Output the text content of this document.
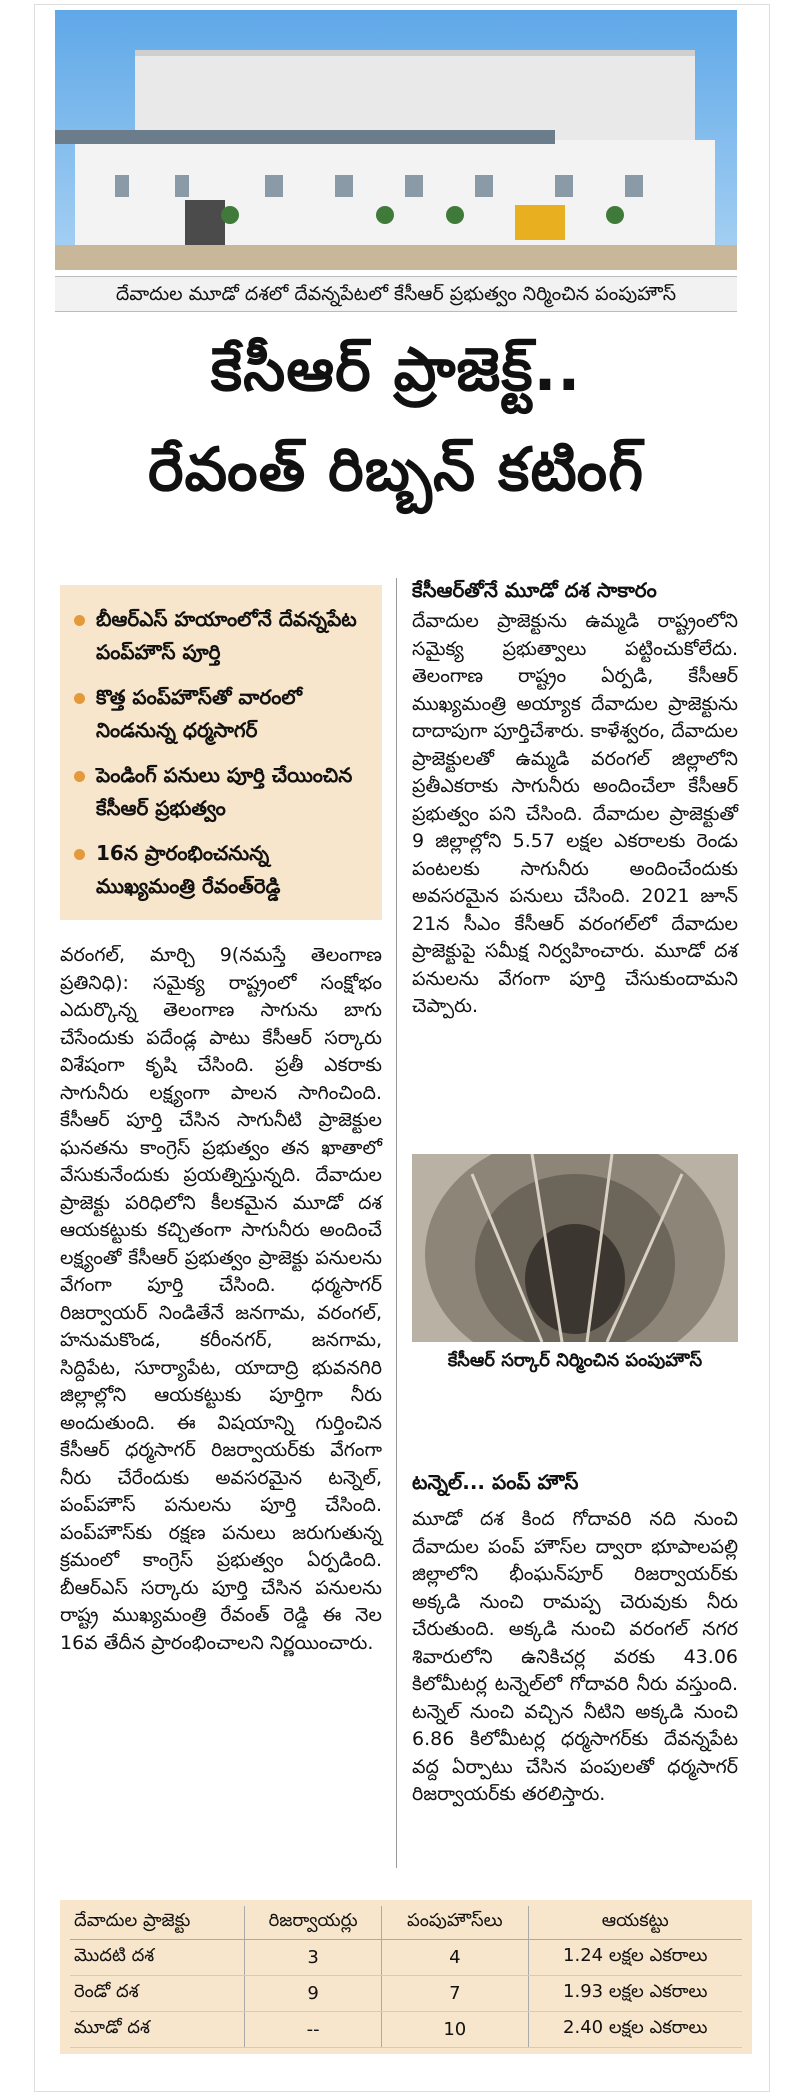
దేవాదుల మూడో దశలో దేవన్నపేటలో కేసీఆర్ ప్రభుత్వం నిర్మించిన పంపుహౌస్
కేసీఆర్ ప్రాజెక్ట్..
రేవంత్ రిబ్బన్ కటింగ్
బీఆర్‌ఎస్ హయాంలోనే దేవన్నపేట పంప్‌హౌస్ పూర్తి
కొత్త పంప్‌హౌస్‌తో వారంలో నిండనున్న ధర్మసాగర్
పెండింగ్ పనులు పూర్తి చేయించిన కేసీఆర్ ప్రభుత్వం
16న ప్రారంభించనున్న ముఖ్యమంత్రి రేవంత్‌రెడ్డి

వరంగల్, మార్చి 9(నమస్తే తెలంగాణ ప్రతినిధి): సమైక్య రాష్ట్రంలో సంక్షోభం ఎదుర్కొన్న తెలంగాణ సాగును బాగు చేసేందుకు పదేండ్ల పాటు కేసీఆర్ సర్కారు విశేషంగా కృషి చేసింది. ప్రతీ ఎకరాకు సాగునీరు లక్ష్యంగా పాలన సాగించింది. కేసీఆర్ పూర్తి చేసిన సాగునీటి ప్రాజెక్టుల ఘనతను కాంగ్రెస్ ప్రభుత్వం తన ఖాతాలో వేసుకునేందుకు ప్రయత్నిస్తున్నది. దేవాదుల ప్రాజెక్టు పరిధిలోని కీలకమైన మూడో దశ ఆయకట్టుకు కచ్చితంగా సాగునీరు అందించే లక్ష్యంతో కేసీఆర్ ప్రభుత్వం ప్రాజెక్టు పనులను వేగంగా పూర్తి చేసింది. ధర్మసాగర్ రిజర్వాయర్ నిండితేనే జనగామ, వరంగల్, హనుమకొండ, కరీంనగర్, జనగామ, సిద్దిపేట, సూర్యాపేట, యాదాద్రి భువనగిరి జిల్లాల్లోని ఆయకట్టుకు పూర్తిగా నీరు అందుతుంది. ఈ విషయాన్ని గుర్తించిన కేసీఆర్ ధర్మసాగర్ రిజర్వాయర్‌కు వేగంగా నీరు చేరేందుకు అవసరమైన టన్నెల్, పంప్‌హౌస్ పనులను పూర్తి చేసింది. పంప్‌హౌస్‌కు రక్షణ పనులు జరుగుతున్న క్రమంలో కాంగ్రెస్ ప్రభుత్వం ఏర్పడింది. బీఆర్‌ఎస్ సర్కారు పూర్తి చేసిన పనులను రాష్ట్ర ముఖ్యమంత్రి రేవంత్ రెడ్డి ఈ నెల 16వ తేదీన ప్రారంభించాలని నిర్ణయించారు.

కేసీఆర్‌తోనే మూడో దశ సాకారం

దేవాదుల ప్రాజెక్టును ఉమ్మడి రాష్ట్రంలోని సమైక్య ప్రభుత్వాలు పట్టించుకోలేదు. తెలంగాణ రాష్ట్రం ఏర్పడి, కేసీఆర్ ముఖ్యమంత్రి అయ్యాక దేవాదుల ప్రాజెక్టును దాదాపుగా పూర్తిచేశారు. కాళేశ్వరం, దేవాదుల ప్రాజెక్టులతో ఉమ్మడి వరంగల్ జిల్లాలోని ప్రతీఎకరాకు సాగునీరు అందించేలా కేసీఆర్ ప్రభుత్వం పని చేసింది. దేవాదుల ప్రాజెక్టుతో 9 జిల్లాల్లోని 5.57 లక్షల ఎకరాలకు రెండు పంటలకు సాగునీరు అందించేందుకు అవసరమైన పనులు చేసింది. 2021 జూన్ 21న సీఎం కేసీఆర్ వరంగల్‌లో దేవాదుల ప్రాజెక్టుపై సమీక్ష నిర్వహించారు. మూడో దశ పనులను వేగంగా పూర్తి చేసుకుందామని చెప్పారు.

కేసీఆర్ సర్కార్ నిర్మించిన పంపుహౌస్
టన్నెల్... పంప్ హౌస్

మూడో దశ కింద గోదావరి నది నుంచి దేవాదుల పంప్ హౌస్‌ల ద్వారా భూపాలపల్లి జిల్లాలోని భీంఘన్‌పూర్ రిజర్వాయర్‌కు అక్కడి నుంచి రామప్ప చెరువుకు నీరు చేరుతుంది. అక్కడి నుంచి వరంగల్ నగర శివారులోని ఉనికిచర్ల వరకు 43.06 కిలోమీటర్ల టన్నెల్‌లో గోదావరి నీరు వస్తుంది. టన్నెల్ నుంచి వచ్చిన నీటిని అక్కడి నుంచి 6.86 కిలోమీటర్ల ధర్మసాగర్‌కు దేవన్నపేట వద్ద ఏర్పాటు చేసిన పంపులతో ధర్మసాగర్ రిజర్వాయర్‌కు తరలిస్తారు.

దేవాదుల ప్రాజెక్టు	రిజర్వాయర్లు	పంపుహౌస్‌లు	ఆయకట్టు
మొదటి దశ	3	4	1.24 లక్షల ఎకరాలు
రెండో దశ	9	7	1.93 లక్షల ఎకరాలు
మూడో దశ	--	10	2.40 లక్షల ఎకరాలు
